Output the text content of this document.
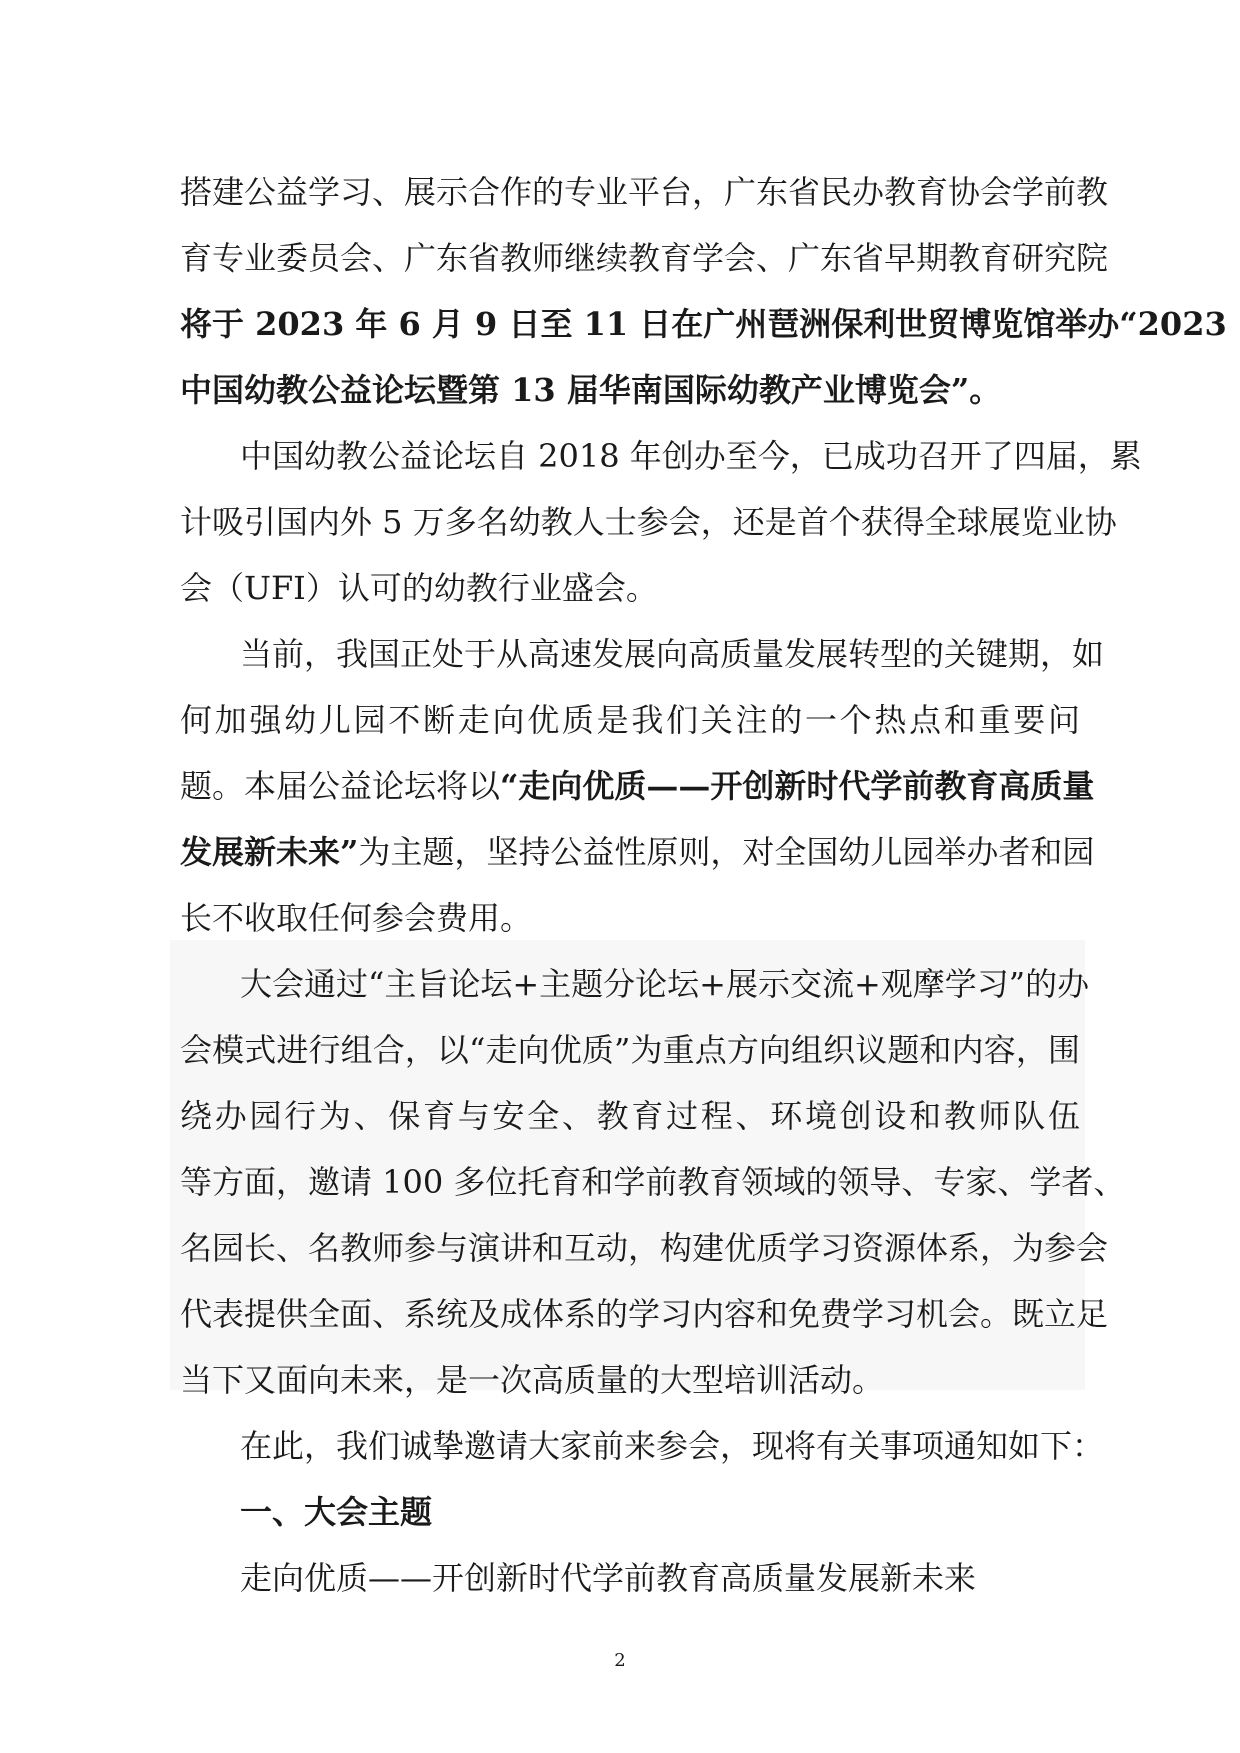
搭建公益学习、展示合作的专业平台，广东省民办教育协会学前教
育专业委员会、广东省教师继续教育学会、广东省早期教育研究院
将于 2023 年 6 月 9 日至 11 日在广州琶洲保利世贸博览馆举办“2023
中国幼教公益论坛暨第 13 届华南国际幼教产业博览会”。
中国幼教公益论坛自 2018 年创办至今，已成功召开了四届，累
计吸引国内外 5 万多名幼教人士参会，还是首个获得全球展览业协
会（UFI）认可的幼教行业盛会。
当前，我国正处于从高速发展向高质量发展转型的关键期，如
何加强幼儿园不断走向优质是我们关注的一个热点和重要问
题。本届公益论坛将以“走向优质——开创新时代学前教育高质量
发展新未来”为主题，坚持公益性原则，对全国幼儿园举办者和园
长不收取任何参会费用。
大会通过“主旨论坛+主题分论坛+展示交流+观摩学习”的办
会模式进行组合，以“走向优质”为重点方向组织议题和内容，围
绕办园行为、保育与安全、教育过程、环境创设和教师队伍
等方面，邀请 100 多位托育和学前教育领域的领导、专家、学者、
名园长、名教师参与演讲和互动，构建优质学习资源体系，为参会
代表提供全面、系统及成体系的学习内容和免费学习机会。既立足
当下又面向未来，是一次高质量的大型培训活动。
在此，我们诚挚邀请大家前来参会，现将有关事项通知如下：
一、大会主题
走向优质——开创新时代学前教育高质量发展新未来
2
